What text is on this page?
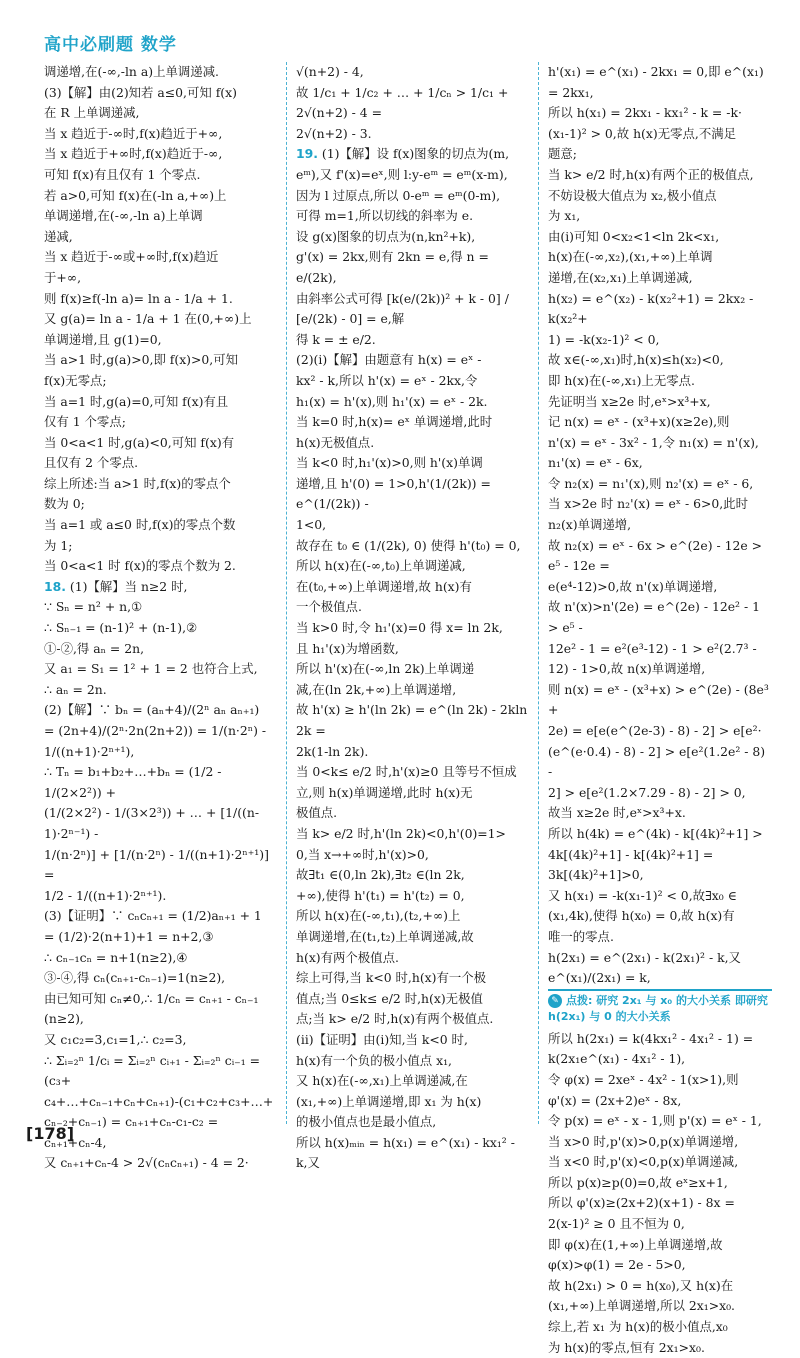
高中必刷题 数学

调递增,在(-∞,-ln a)上单调递减.

(3)【解】由(2)知若 a≤0,可知 f(x)

在 R 上单调递减,

当 x 趋近于-∞时,f(x)趋近于+∞,

当 x 趋近于+∞时,f(x)趋近于-∞,

可知 f(x)有且仅有 1 个零点.

若 a>0,可知 f(x)在(-ln a,+∞)上

单调递增,在(-∞,-ln a)上单调

递减,

当 x 趋近于-∞或+∞时,f(x)趋近

于+∞,

则 f(x)≥f(-ln a)= ln a - 1/a + 1.

又 g(a)= ln a - 1/a + 1 在(0,+∞)上

单调递增,且 g(1)=0,

当 a>1 时,g(a)>0,即 f(x)>0,可知

f(x)无零点;

当 a=1 时,g(a)=0,可知 f(x)有且

仅有 1 个零点;

当 0<a<1 时,g(a)<0,可知 f(x)有

且仅有 2 个零点.

综上所述:当 a>1 时,f(x)的零点个

数为 0;

当 a=1 或 a≤0 时,f(x)的零点个数

为 1;

当 0<a<1 时 f(x)的零点个数为 2.

18. (1)【解】当 n≥2 时,

∵ Sₙ = n² + n,①

∴ Sₙ₋₁ = (n-1)² + (n-1),②

①-②,得 aₙ = 2n,

又 a₁ = S₁ = 1² + 1 = 2 也符合上式,

∴ aₙ = 2n.

(2)【解】∵ bₙ = (aₙ+4)/(2ⁿ aₙ aₙ₊₁)

= (2n+4)/(2ⁿ·2n(2n+2)) = 1/(n·2ⁿ) - 1/((n+1)·2ⁿ⁺¹),

∴ Tₙ = b₁+b₂+…+bₙ = (1/2 - 1/(2×2²)) +

(1/(2×2²) - 1/(3×2³)) + … + [1/((n-1)·2ⁿ⁻¹) -

1/(n·2ⁿ)] + [1/(n·2ⁿ) - 1/((n+1)·2ⁿ⁺¹)] =

1/2 - 1/((n+1)·2ⁿ⁺¹).

(3)【证明】∵ cₙcₙ₊₁ = (1/2)aₙ₊₁ + 1

= (1/2)·2(n+1)+1 = n+2,③

∴ cₙ₋₁cₙ = n+1(n≥2),④

③-④,得 cₙ(cₙ₊₁-cₙ₋₁)=1(n≥2),

由已知可知 cₙ≠0,∴ 1/cₙ = cₙ₊₁ - cₙ₋₁

(n≥2),

又 c₁c₂=3,c₁=1,∴ c₂=3,

∴ Σᵢ₌₂ⁿ 1/cᵢ = Σᵢ₌₂ⁿ cᵢ₊₁ - Σᵢ₌₂ⁿ cᵢ₋₁ = (c₃+

c₄+…+cₙ₋₁+cₙ+cₙ₊₁)-(c₁+c₂+c₃+…+

cₙ₋₂+cₙ₋₁) = cₙ₊₁+cₙ-c₁-c₂ = cₙ₊₁+cₙ-4,

又 cₙ₊₁+cₙ-4 > 2√(cₙcₙ₊₁) - 4 = 2·

√(n+2) - 4,

故 1/c₁ + 1/c₂ + … + 1/cₙ > 1/c₁ + 2√(n+2) - 4 =

2√(n+2) - 3.

19. (1)【解】设 f(x)图象的切点为(m,

eᵐ),又 f'(x)=eˣ,则 l:y-eᵐ = eᵐ(x-m),

因为 l 过原点,所以 0-eᵐ = eᵐ(0-m),

可得 m=1,所以切线的斜率为 e.

设 g(x)图象的切点为(n,kn²+k),

g'(x) = 2kx,则有 2kn = e,得 n = e/(2k),

由斜率公式可得 [k(e/(2k))² + k - 0] / [e/(2k) - 0] = e,解

得 k = ± e/2.

(2)(ⅰ)【解】由题意有 h(x) = eˣ -

kx² - k,所以 h'(x) = eˣ - 2kx,令

h₁(x) = h'(x),则 h₁'(x) = eˣ - 2k.

当 k=0 时,h(x)= eˣ 单调递增,此时

h(x)无极值点.

当 k<0 时,h₁'(x)>0,则 h'(x)单调

递增,且 h'(0) = 1>0,h'(1/(2k)) = e^(1/(2k)) -

1<0,

故存在 t₀ ∈ (1/(2k), 0) 使得 h'(t₀) = 0,

所以 h(x)在(-∞,t₀)上单调递减,

在(t₀,+∞)上单调递增,故 h(x)有

一个极值点.

当 k>0 时,令 h₁'(x)=0 得 x= ln 2k,

且 h₁'(x)为增函数,

所以 h'(x)在(-∞,ln 2k)上单调递

减,在(ln 2k,+∞)上单调递增,

故 h'(x) ≥ h'(ln 2k) = e^(ln 2k) - 2kln 2k =

2k(1-ln 2k).

当 0<k≤ e/2 时,h'(x)≥0 且等号不恒成

立,则 h(x)单调递增,此时 h(x)无

极值点.

当 k> e/2 时,h'(ln 2k)<0,h'(0)=1>

0,当 x→+∞时,h'(x)>0,

故∃t₁ ∈(0,ln 2k),∃t₂ ∈(ln 2k,

+∞),使得 h'(t₁) = h'(t₂) = 0,

所以 h(x)在(-∞,t₁),(t₂,+∞)上

单调递增,在(t₁,t₂)上单调递减,故

h(x)有两个极值点.

综上可得,当 k<0 时,h(x)有一个极

值点;当 0≤k≤ e/2 时,h(x)无极值

点;当 k> e/2 时,h(x)有两个极值点.

(ⅱ)【证明】由(ⅰ)知,当 k<0 时,

h(x)有一个负的极小值点 x₁,

又 h(x)在(-∞,x₁)上单调递减,在

(x₁,+∞)上单调递增,即 x₁ 为 h(x)

的极小值点也是最小值点,

所以 h(x)ₘᵢₙ = h(x₁) = e^(x₁) - kx₁² - k,又

h'(x₁) = e^(x₁) - 2kx₁ = 0,即 e^(x₁) = 2kx₁,

所以 h(x₁) = 2kx₁ - kx₁² - k = -k·

(x₁-1)² > 0,故 h(x)无零点,不满足

题意;

当 k> e/2 时,h(x)有两个正的极值点,

不妨设极大值点为 x₂,极小值点

为 x₁,

由(ⅰ)可知 0<x₂<1<ln 2k<x₁,

h(x)在(-∞,x₂),(x₁,+∞)上单调

递增,在(x₂,x₁)上单调递减,

h(x₂) = e^(x₂) - k(x₂²+1) = 2kx₂ - k(x₂²+

1) = -k(x₂-1)² < 0,

故 x∈(-∞,x₁)时,h(x)≤h(x₂)<0,

即 h(x)在(-∞,x₁)上无零点.

先证明当 x≥2e 时,eˣ>x³+x,

记 n(x) = eˣ - (x³+x)(x≥2e),则

n'(x) = eˣ - 3x² - 1,令 n₁(x) = n'(x),

n₁'(x) = eˣ - 6x,

令 n₂(x) = n₁'(x),则 n₂'(x) = eˣ - 6,

当 x>2e 时 n₂'(x) = eˣ - 6>0,此时

n₂(x)单调递增,

故 n₂(x) = eˣ - 6x > e^(2e) - 12e > e⁵ - 12e =

e(e⁴-12)>0,故 n'(x)单调递增,

故 n'(x)>n'(2e) = e^(2e) - 12e² - 1 > e⁵ -

12e² - 1 = e²(e³-12) - 1 > e²(2.7³ -

12) - 1>0,故 n(x)单调递增,

则 n(x) = eˣ - (x³+x) > e^(2e) - (8e³ +

2e) = e[e(e^(2e-3) - 8) - 2] > e[e²·

(e^(e·0.4) - 8) - 2] > e[e²(1.2e² - 8) -

2] > e[e²(1.2×7.29 - 8) - 2] > 0,

故当 x≥2e 时,eˣ>x³+x.

所以 h(4k) = e^(4k) - k[(4k)²+1] >

4k[(4k)²+1] - k[(4k)²+1] =

3k[(4k)²+1]>0,

又 h(x₁) = -k(x₁-1)² < 0,故∃x₀ ∈

(x₁,4k),使得 h(x₀) = 0,故 h(x)有

唯一的零点.

h(2x₁) = e^(2x₁) - k(2x₁)² - k,又 e^(x₁)/(2x₁) = k,

✎ 点拨: 研究 2x₁ 与 x₀ 的大小关系 即研究 h(2x₁) 与 0 的大小关系

所以 h(2x₁) = k(4kx₁² - 4x₁² - 1) =

k(2x₁e^(x₁) - 4x₁² - 1),

令 φ(x) = 2xeˣ - 4x² - 1(x>1),则

φ'(x) = (2x+2)eˣ - 8x,

令 p(x) = eˣ - x - 1,则 p'(x) = eˣ - 1,

当 x>0 时,p'(x)>0,p(x)单调递增,

当 x<0 时,p'(x)<0,p(x)单调递减,

所以 p(x)≥p(0)=0,故 eˣ≥x+1,

所以 φ'(x)≥(2x+2)(x+1) - 8x =

2(x-1)² ≥ 0 且不恒为 0,

即 φ(x)在(1,+∞)上单调递增,故

φ(x)>φ(1) = 2e - 5>0,

故 h(2x₁) > 0 = h(x₀),又 h(x)在

(x₁,+∞)上单调递增,所以 2x₁>x₀.

综上,若 x₁ 为 h(x)的极小值点,x₀

为 h(x)的零点,恒有 2x₁>x₀.

[178]
